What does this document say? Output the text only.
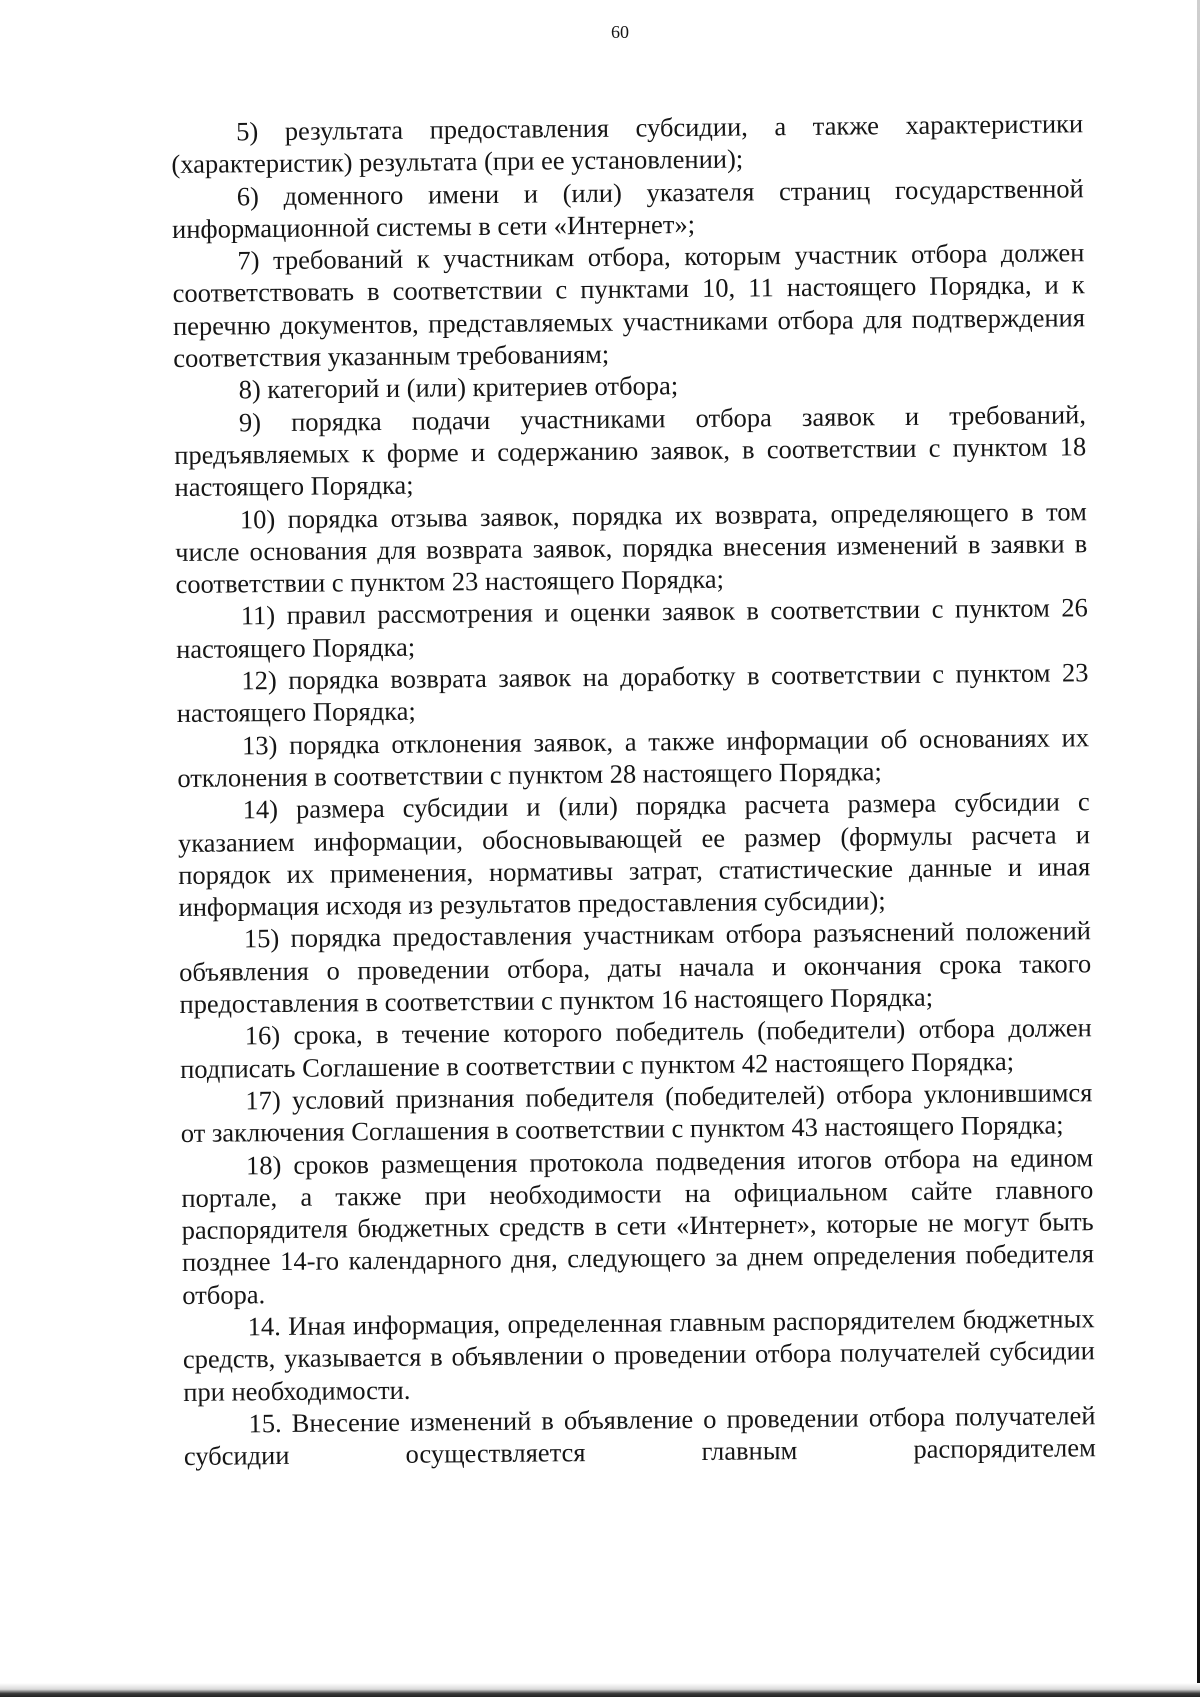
60

5) результата предоставления субсидии, а также характеристики (характеристик) результата (при ее установлении);

6) доменного имени и (или) указателя страниц государственной информационной системы в сети «Интернет»;

7) требований к участникам отбора, которым участник отбора должен соответствовать в соответствии с пунктами 10, 11 настоящего Порядка, и к перечню документов, представляемых участниками отбора для подтверждения соответствия указанным требованиям;

8) категорий и (или) критериев отбора;

9) порядка подачи участниками отбора заявок и требований, предъявляемых к форме и содержанию заявок, в соответствии с пунктом 18 настоящего Порядка;

10) порядка отзыва заявок, порядка их возврата, определяющего в том числе основания для возврата заявок, порядка внесения изменений в заявки в соответствии с пунктом 23 настоящего Порядка;

11) правил рассмотрения и оценки заявок в соответствии с пунктом 26 настоящего Порядка;

12) порядка возврата заявок на доработку в соответствии с пунктом 23 настоящего Порядка;

13) порядка отклонения заявок, а также информации об основаниях их отклонения в соответствии с пунктом 28 настоящего Порядка;

14) размера субсидии и (или) порядка расчета размера субсидии с указанием информации, обосновывающей ее размер (формулы расчета и порядок их применения, нормативы затрат, статистические данные и иная информация исходя из результатов предоставления субсидии);

15) порядка предоставления участникам отбора разъяснений положений объявления о проведении отбора, даты начала и окончания срока такого предоставления в соответствии с пунктом 16 настоящего Порядка;

16) срока, в течение которого победитель (победители) отбора должен подписать Соглашение в соответствии с пунктом 42 настоящего Порядка;

17) условий признания победителя (победителей) отбора уклонившимся от заключения Соглашения в соответствии с пунктом 43 настоящего Порядка;

18) сроков размещения протокола подведения итогов отбора на едином портале, а также при необходимости на официальном сайте главного распорядителя бюджетных средств в сети «Интернет», которые не могут быть позднее 14-го календарного дня, следующего за днем определения победителя отбора.

14. Иная информация, определенная главным распорядителем бюджетных средств, указывается в объявлении о проведении отбора получателей субсидии при необходимости.

15. Внесение изменений в объявление о проведении отбора получателей субсидии осуществляется главным распорядителем
